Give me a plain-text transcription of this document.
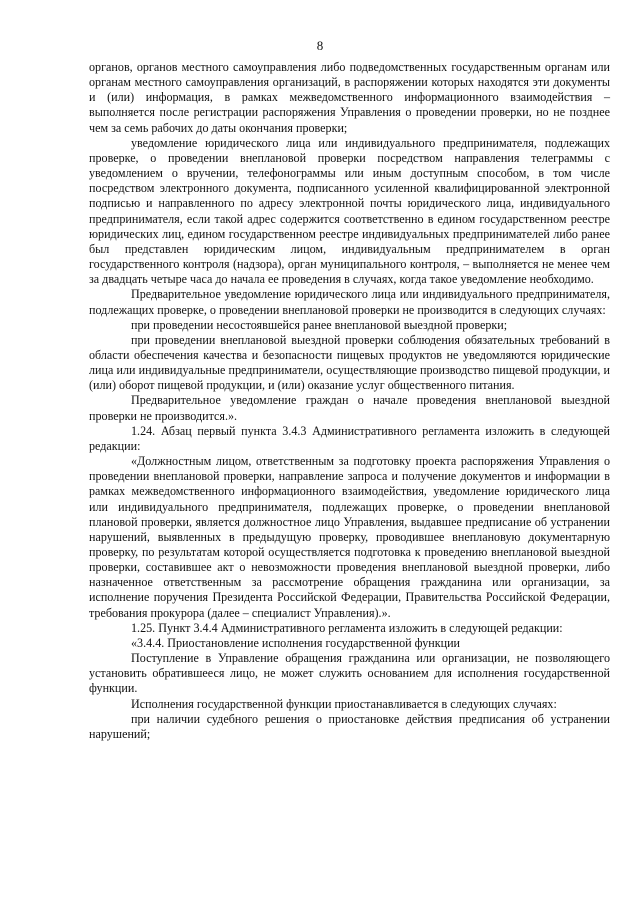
8

органов, органов местного самоуправления либо подведомственных государственным органам или органам местного самоуправления организаций, в распоряжении которых находятся эти документы и (или) информация, в рамках межведомственного информационного взаимодействия – выполняется после регистрации распоряжения Управления о проведении проверки, но не позднее чем за семь рабочих до даты окончания проверки;

уведомление юридического лица или индивидуального предпринимателя, подлежащих проверке, о проведении внеплановой проверки посредством направления телеграммы с уведомлением о вручении, телефонограммы или иным доступным способом, в том числе посредством электронного документа, подписанного усиленной квалифицированной электронной подписью и направленного по адресу электронной почты юридического лица, индивидуального предпринимателя, если такой адрес содержится соответственно в едином государственном реестре юридических лиц, едином государственном реестре индивидуальных предпринимателей либо ранее был представлен юридическим лицом, индивидуальным предпринимателем в орган государственного контроля (надзора), орган муниципального контроля, – выполняется не менее чем за двадцать четыре часа до начала ее проведения в случаях, когда такое уведомление необходимо.

Предварительное уведомление юридического лица или индивидуального предпринимателя, подлежащих проверке, о проведении внеплановой проверки не производится в следующих случаях:

при проведении несостоявшейся ранее внеплановой выездной проверки;

при проведении внеплановой выездной проверки соблюдения обязательных требований в области обеспечения качества и безопасности пищевых продуктов не уведомляются юридические лица или индивидуальные предприниматели, осуществляющие производство пищевой продукции, и (или) оборот пищевой продукции, и (или) оказание услуг общественного питания.

Предварительное уведомление граждан о начале проведения внеплановой выездной проверки не производится.».

1.24. Абзац первый пункта 3.4.3 Административного регламента изложить в следующей редакции:

«Должностным лицом, ответственным за подготовку проекта распоряжения Управления о проведении внеплановой проверки, направление запроса и получение документов и информации в рамках межведомственного информационного взаимодействия, уведомление юридического лица или индивидуального предпринимателя, подлежащих проверке, о проведении внеплановой плановой проверки, является должностное лицо Управления, выдавшее предписание об устранении нарушений, выявленных в предыдущую проверку, проводившее внеплановую документарную проверку, по результатам которой осуществляется подготовка к проведению внеплановой выездной проверки, составившее акт о невозможности проведения внеплановой выездной проверки, либо назначенное ответственным за рассмотрение обращения гражданина или организации, за исполнение поручения Президента Российской Федерации, Правительства Российской Федерации, требования прокурора (далее – специалист Управления).».

1.25. Пункт 3.4.4 Административного регламента изложить в следующей редакции:

«3.4.4. Приостановление исполнения государственной функции

Поступление в Управление обращения гражданина или организации, не позволяющего установить обратившееся лицо, не может служить основанием для исполнения государственной функции.

Исполнения государственной функции приостанавливается в следующих случаях:

при наличии судебного решения о приостановке действия предписания об устранении нарушений;
